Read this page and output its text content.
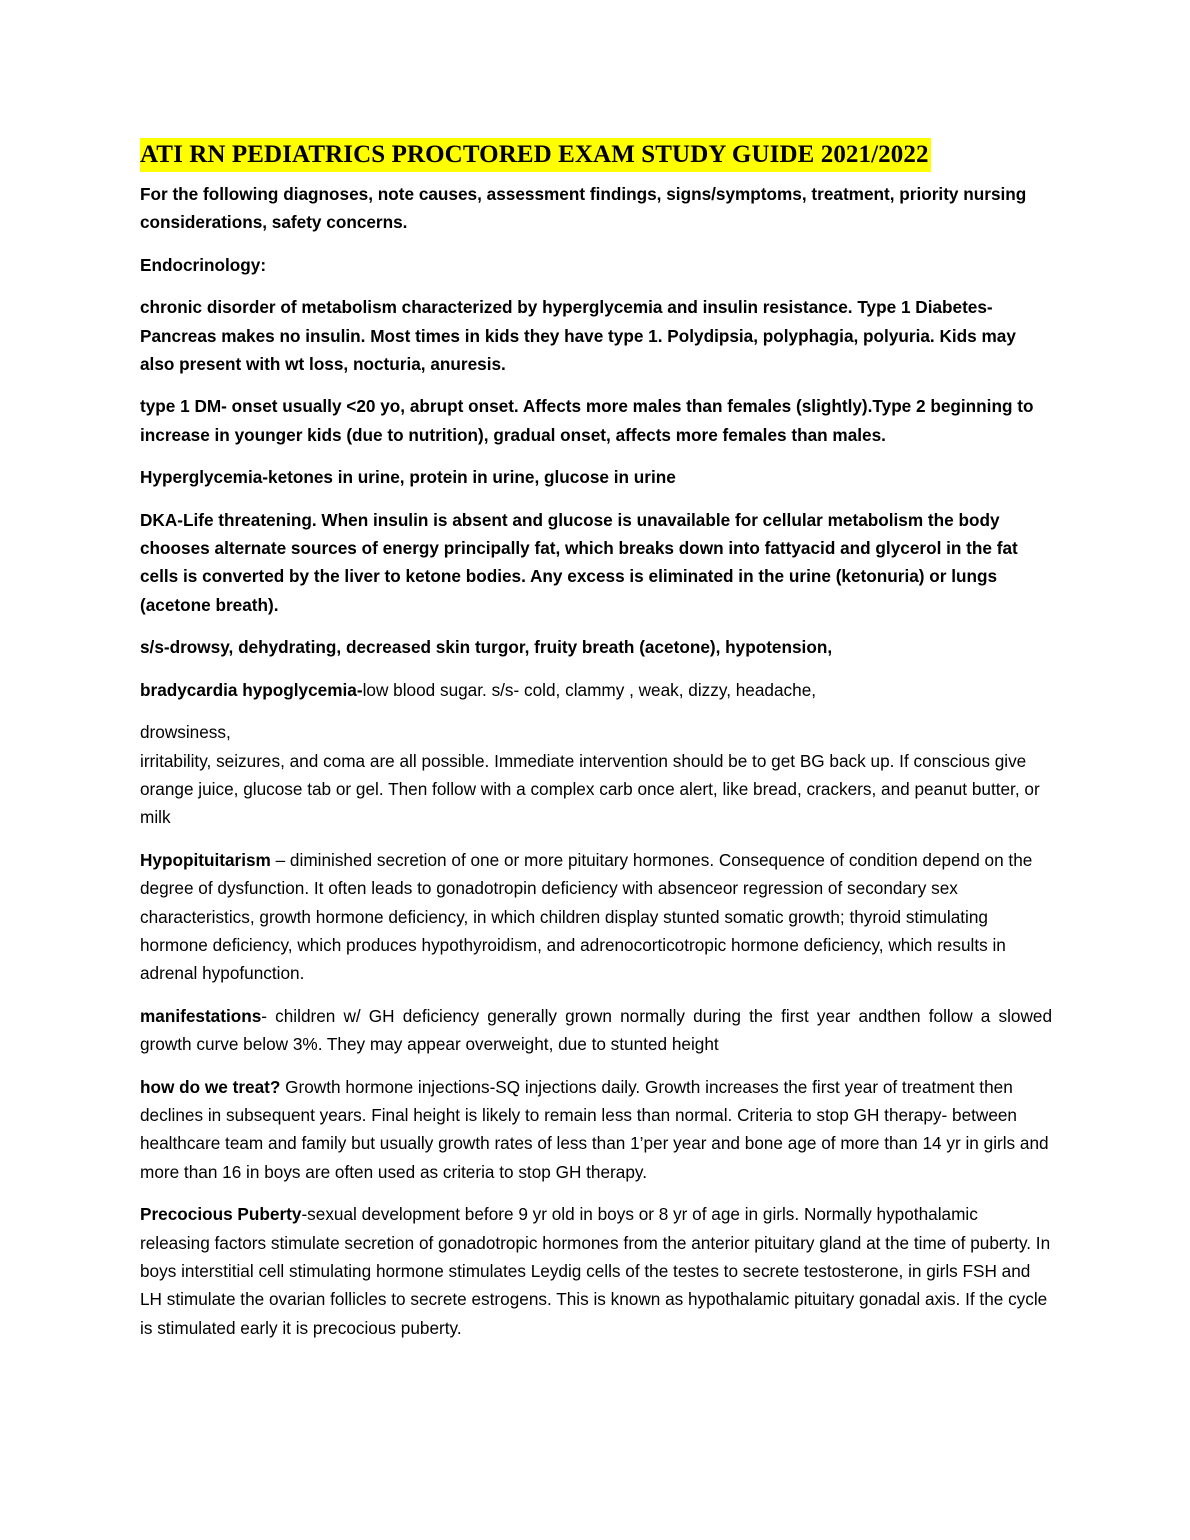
ATI RN PEDIATRICS PROCTORED EXAM STUDY GUIDE 2021/2022

For the following diagnoses, note causes, assessment findings, signs/symptoms, treatment, priority nursing considerations, safety concerns.

Endocrinology:

chronic disorder of metabolism characterized by hyperglycemia and insulin resistance. Type 1 Diabetes-Pancreas makes no insulin. Most times in kids they have type 1. Polydipsia, polyphagia, polyuria. Kids may also present with wt loss, nocturia, anuresis.

type 1 DM- onset usually <20 yo, abrupt onset. Affects more males than females (slightly).Type 2 beginning to increase in younger kids (due to nutrition), gradual onset, affects more females than males.

Hyperglycemia-ketones in urine, protein in urine, glucose in urine

DKA-Life threatening. When insulin is absent and glucose is unavailable for cellular metabolism the body chooses alternate sources of energy principally fat, which breaks down into fattyacid and glycerol in the fat cells is converted by the liver to ketone bodies. Any excess is eliminated in the urine (ketonuria) or lungs (acetone breath).

s/s-drowsy, dehydrating, decreased skin turgor, fruity breath (acetone), hypotension,

bradycardia hypoglycemia-low blood sugar. s/s- cold, clammy , weak, dizzy, headache,

drowsiness,

irritability, seizures, and coma are all possible. Immediate intervention should be to get BG back up. If conscious give orange juice, glucose tab or gel. Then follow with a complex carb once alert, like bread, crackers, and peanut butter, or milk

Hypopituitarism – diminished secretion of one or more pituitary hormones. Consequence of condition depend on the degree of dysfunction. It often leads to gonadotropin deficiency with absenceor regression of secondary sex characteristics, growth hormone deficiency, in which children display stunted somatic growth; thyroid stimulating hormone deficiency, which produces hypothyroidism, and adrenocorticotropic hormone deficiency, which results in adrenal hypofunction.

manifestations- children w/ GH deficiency generally grown normally during the first year andthen follow a slowed growth curve below 3%. They may appear overweight, due to stunted height

how do we treat? Growth hormone injections-SQ injections daily. Growth increases the first year of treatment then declines in subsequent years. Final height is likely to remain less than normal. Criteria to stop GH therapy- between healthcare team and family but usually growth rates of less than 1’per year and bone age of more than 14 yr in girls and more than 16 in boys are often used as criteria to stop GH therapy.

Precocious Puberty-sexual development before 9 yr old in boys or 8 yr of age in girls. Normally hypothalamic releasing factors stimulate secretion of gonadotropic hormones from the anterior pituitary gland at the time of puberty. In boys interstitial cell stimulating hormone stimulates Leydig cells of the testes to secrete testosterone, in girls FSH and LH stimulate the ovarian follicles to secrete estrogens. This is known as hypothalamic pituitary gonadal axis. If the cycle is stimulated early it is precocious puberty.
